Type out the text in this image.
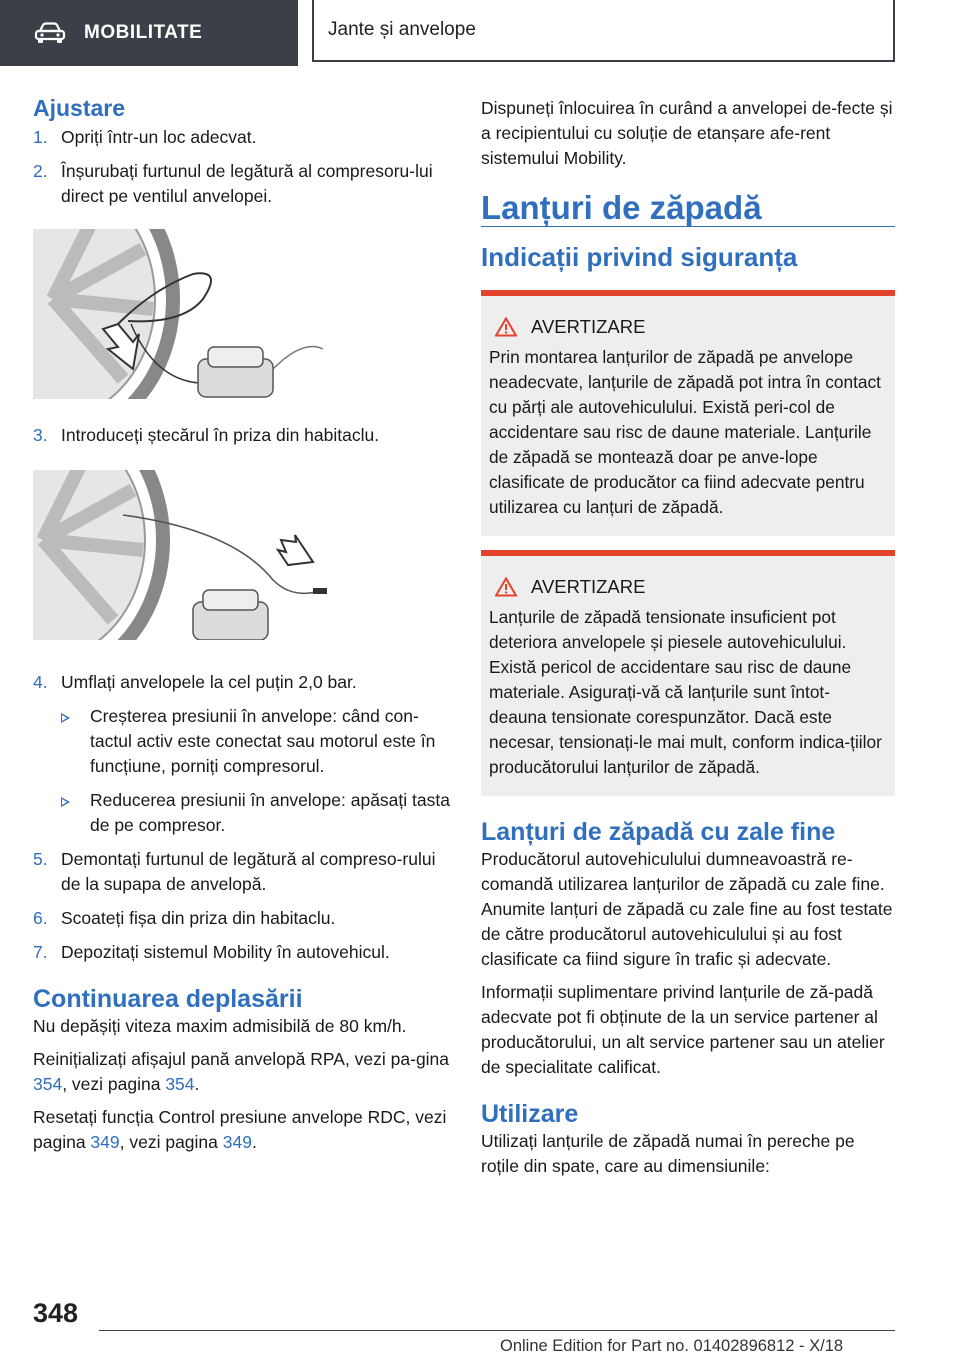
MOBILITATE	Jante și anvelope
Ajustare
1. Opriți într-un loc adecvat.
2. Înșurubați furtunul de legătură al compresoru-lui direct pe ventilul anvelopei.
3. Introduceți ștecărul în priza din habitaclu.
4. Umflați anvelopele la cel puțin 2,0 bar.
Creșterea presiunii în anvelope: când con-tactul activ este conectat sau motorul este în funcțiune, porniți compresorul.
Reducerea presiunii în anvelope: apăsați tasta de pe compresor.
5. Demontați furtunul de legătură al compreso-rului de la supapa de anvelopă.
6. Scoateți fișa din priza din habitaclu.
7. Depozitați sistemul Mobility în autovehicul.
Continuarea deplasării

Nu depășiți viteza maxim admisibilă de 80 km/h.

Reinițializați afișajul pană anvelopă RPA, vezi pa-gina 354, vezi pagina 354.

Resetați funcția Control presiune anvelope RDC, vezi pagina 349, vezi pagina 349.

Dispuneți înlocuirea în curând a anvelopei de-fecte și a recipientului cu soluție de etanșare afe-rent sistemului Mobility.

Lanțuri de zăpadă
Indicații privind siguranța
AVERTIZARE

Prin montarea lanțurilor de zăpadă pe anvelope neadecvate, lanțurile de zăpadă pot intra în contact cu părți ale autovehiculului. Există peri-col de accidentare sau risc de daune materiale. Lanțurile de zăpadă se montează doar pe anve-lope clasificate de producător ca fiind adecvate pentru utilizarea cu lanțuri de zăpadă.

AVERTIZARE

Lanțurile de zăpadă tensionate insuficient pot deteriora anvelopele și piesele autovehiculului. Există pericol de accidentare sau risc de daune materiale. Asigurați-vă că lanțurile sunt întot-deauna tensionate corespunzător. Dacă este necesar, tensionați-le mai mult, conform indica-țiilor producătorului lanțurilor de zăpadă.

Lanțuri de zăpadă cu zale fine

Producătorul autovehiculului dumneavoastră re-comandă utilizarea lanțurilor de zăpadă cu zale fine. Anumite lanțuri de zăpadă cu zale fine au fost testate de către producătorul autovehiculului și au fost clasificate ca fiind sigure în trafic și adecvate.

Informații suplimentare privind lanțurile de ză-padă adecvate pot fi obținute de la un service partener al producătorului, un alt service partener sau un atelier de specialitate calificat.

Utilizare

Utilizați lanțurile de zăpadă numai în pereche pe roțile din spate, care au dimensiunile:

348
Online Edition for Part no. 01402896812 - X/18
